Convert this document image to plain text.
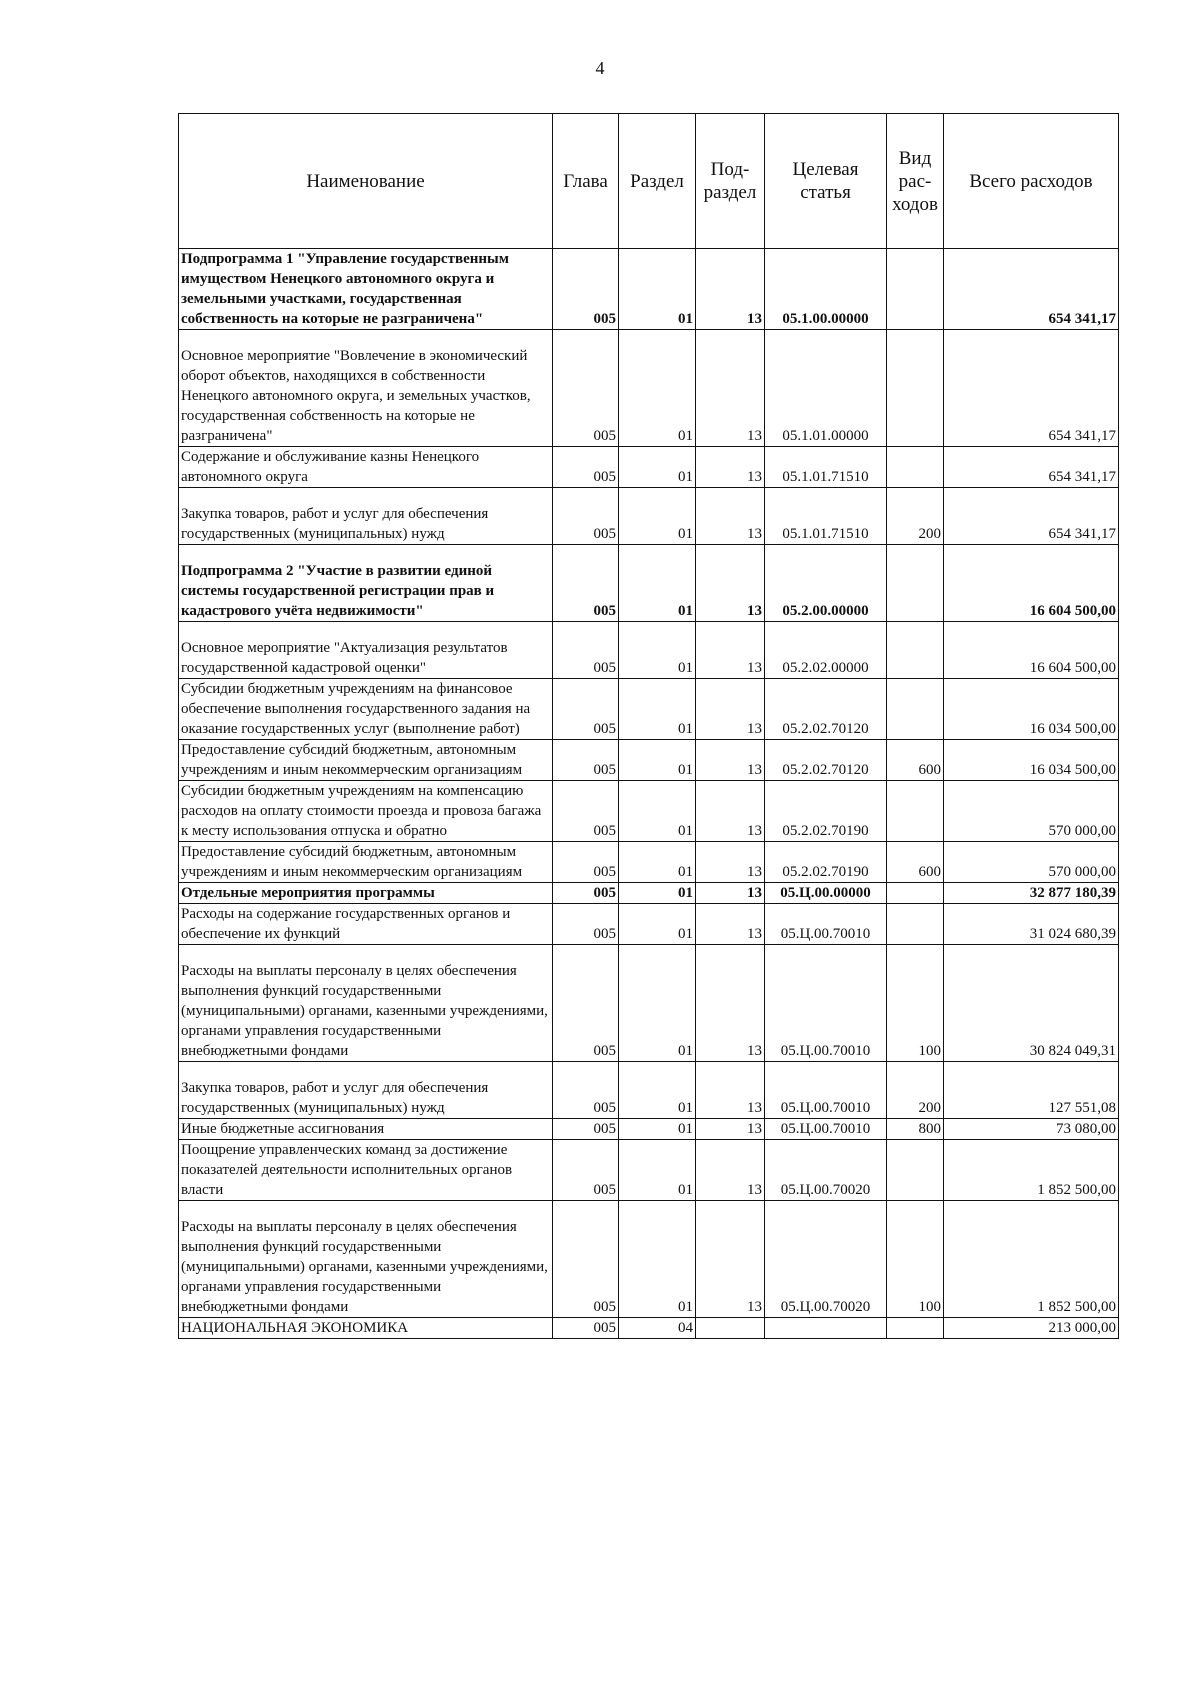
4
Наименование	Глава	Раздел	Под-раздел	Целевая статья	Вид рас-ходов	Всего расходов
Подпрограмма 1 "Управление государственным имуществом Ненецкого автономного округа и земельными участками, государственная собственность на которые не разграничена"	005	01	13	05.1.00.00000		654 341,17
Основное мероприятие "Вовлечение в экономический оборот объектов, находящихся в собственности Ненецкого автономного округа, и земельных участков, государственная собственность на которые не разграничена"	005	01	13	05.1.01.00000		654 341,17
Содержание и обслуживание казны Ненецкого автономного округа	005	01	13	05.1.01.71510		654 341,17
Закупка товаров, работ и услуг для обеспечения государственных (муниципальных) нужд	005	01	13	05.1.01.71510	200	654 341,17
Подпрограмма 2 "Участие в развитии единой системы государственной регистрации прав и кадастрового учёта недвижимости"	005	01	13	05.2.00.00000		16 604 500,00
Основное мероприятие "Актуализация результатов государственной кадастровой оценки"	005	01	13	05.2.02.00000		16 604 500,00
Субсидии бюджетным учреждениям на финансовое обеспечение выполнения государственного задания на оказание государственных услуг (выполнение работ)	005	01	13	05.2.02.70120		16 034 500,00
Предоставление субсидий бюджетным, автономным учреждениям и иным некоммерческим организациям	005	01	13	05.2.02.70120	600	16 034 500,00
Субсидии бюджетным учреждениям на компенсацию расходов на оплату стоимости проезда и провоза багажа к месту использования отпуска и обратно	005	01	13	05.2.02.70190		570 000,00
Предоставление субсидий бюджетным, автономным учреждениям и иным некоммерческим организациям	005	01	13	05.2.02.70190	600	570 000,00
Отдельные мероприятия программы	005	01	13	05.Ц.00.00000		32 877 180,39
Расходы на содержание государственных органов и обеспечение их функций	005	01	13	05.Ц.00.70010		31 024 680,39
Расходы на выплаты персоналу в целях обеспечения выполнения функций государственными (муниципальными) органами, казенными учреждениями, органами управления государственными внебюджетными фондами	005	01	13	05.Ц.00.70010	100	30 824 049,31
Закупка товаров, работ и услуг для обеспечения государственных (муниципальных) нужд	005	01	13	05.Ц.00.70010	200	127 551,08
Иные бюджетные ассигнования	005	01	13	05.Ц.00.70010	800	73 080,00
Поощрение управленческих команд за достижение показателей деятельности исполнительных органов власти	005	01	13	05.Ц.00.70020		1 852 500,00
Расходы на выплаты персоналу в целях обеспечения выполнения функций государственными (муниципальными) органами, казенными учреждениями, органами управления государственными внебюджетными фондами	005	01	13	05.Ц.00.70020	100	1 852 500,00
НАЦИОНАЛЬНАЯ ЭКОНОМИКА	005	04				213 000,00
